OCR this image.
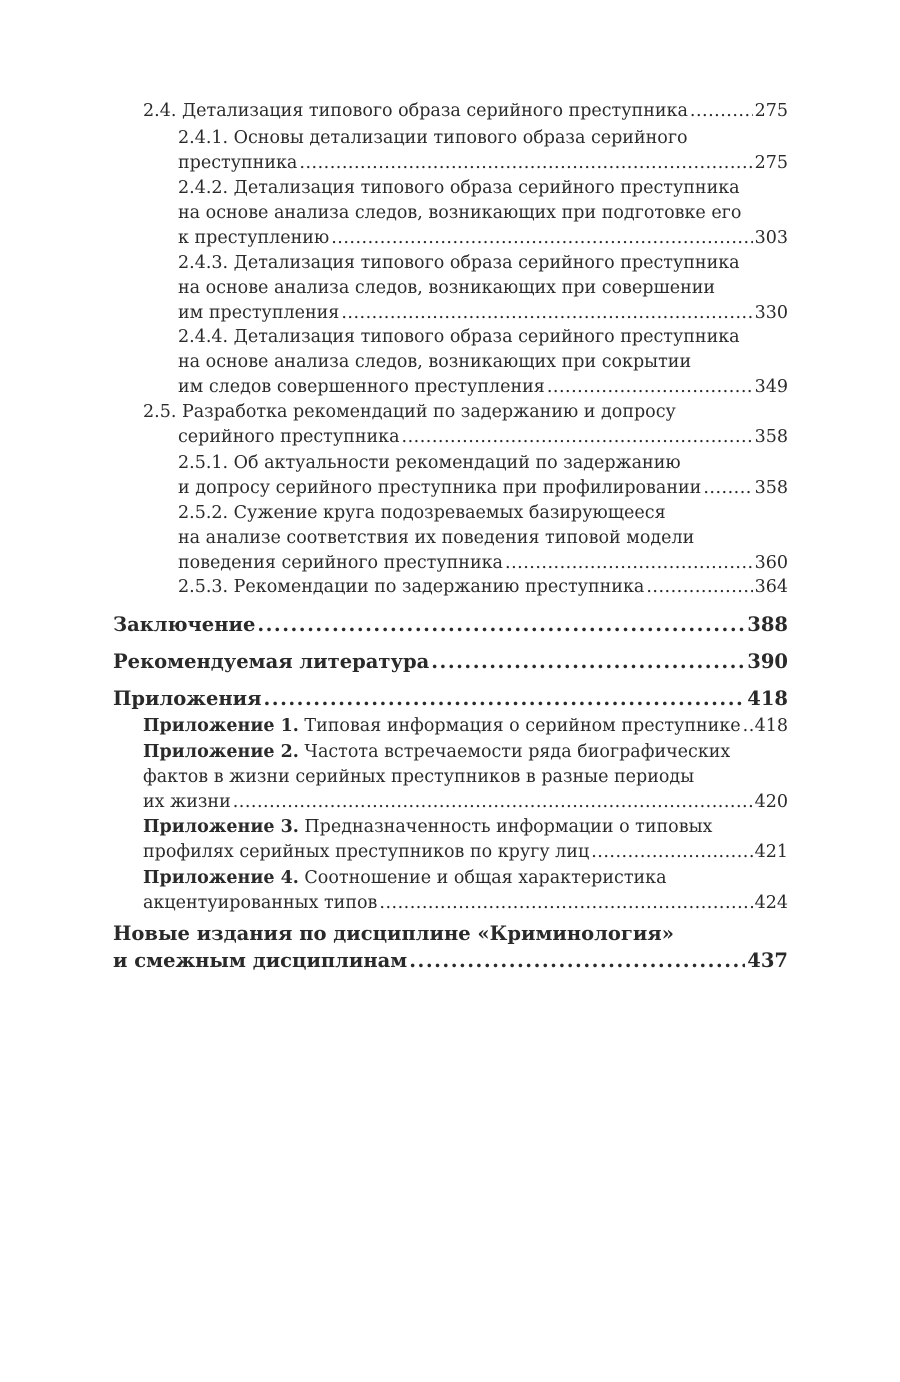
2.4. Детализация типового образа серийного преступника .....	275
2.4.1. Основы детализации типового образа серийного
преступника .....	275
2.4.2. Детализация типового образа серийного преступника
на основе анализа следов, возникающих при подготовке его
к преступлению .....	303
2.4.3. Детализация типового образа серийного преступника
на основе анализа следов, возникающих при совершении
им преступления .....	330
2.4.4. Детализация типового образа серийного преступника
на основе анализа следов, возникающих при сокрытии
им следов совершенного преступления .....	349
2.5. Разработка рекомендаций по задержанию и допросу
серийного преступника .....	358
2.5.1. Об актуальности рекомендаций по задержанию
и допросу серийного преступника при профилировании .....	358
2.5.2. Сужение круга подозреваемых базирующееся
на анализе соответствия их поведения типовой модели
поведения серийного преступника .....	360
2.5.3. Рекомендации по задержанию преступника .....	364
Заключение .....	388
Рекомендуемая литература .....	390
Приложения .....	418
Приложение 1. Типовая информация о серийном преступнике ..... 418
Приложение 2. Частота встречаемости ряда биографических
фактов в жизни серийных преступников в разные периоды
их жизни .....	420
Приложение 3. Предназначенность информации о типовых
профилях серийных преступников по кругу лиц .....	421
Приложение 4. Соотношение и общая характеристика
акцентуированных типов .....	424
Новые издания по дисциплине «Криминология»
и смежным дисциплинам .....	437
